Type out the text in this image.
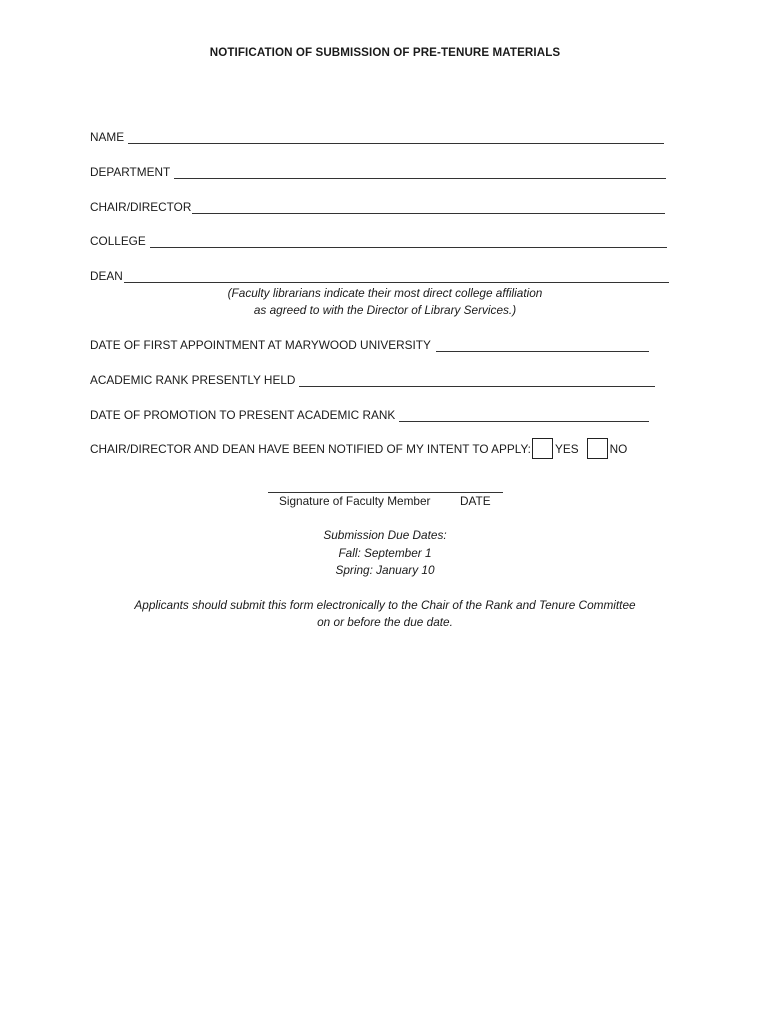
NOTIFICATION OF SUBMISSION OF PRE-TENURE MATERIALS
NAME
DEPARTMENT
CHAIR/DIRECTOR
COLLEGE
DEAN
(Faculty librarians indicate their most direct college affiliation
as agreed to with the Director of Library Services.)
DATE OF FIRST APPOINTMENT AT MARYWOOD UNIVERSITY
ACADEMIC RANK PRESENTLY HELD
DATE OF PROMOTION TO PRESENT ACADEMIC RANK
CHAIR/DIRECTOR AND DEAN HAVE BEEN NOTIFIED OF MY INTENT TO APPLY: YES	NO
Signature of Faculty Member	DATE
Submission Due Dates:
Fall: September 1
Spring: January 10
Applicants should submit this form electronically to the Chair of the Rank and Tenure Committee
on or before the due date.
